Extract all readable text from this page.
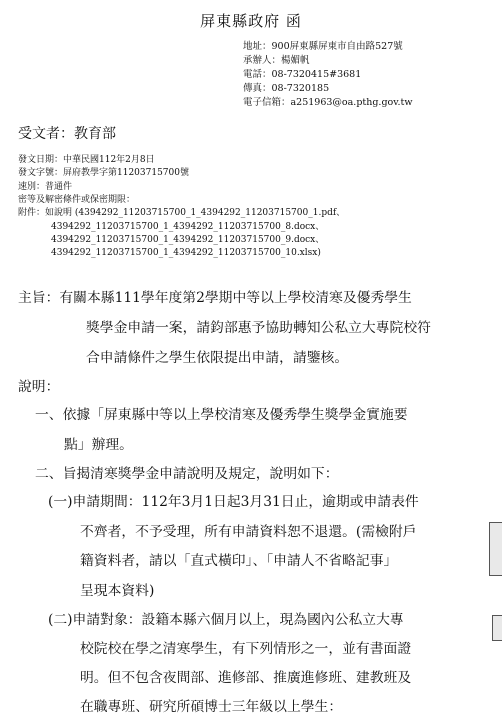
屏東縣政府 函
地址：900屏東縣屏東市自由路527號
承辦人：楊媚帆
電話：08-7320415#3681
傳真：08-7320185
電子信箱：a251963@oa.pthg.gov.tw
受文者：教育部
發文日期：中華民國112年2月8日
發文字號：屏府教學字第11203715700號
速別：普通件
密等及解密條件或保密期限：
附件：如說明 (4394292_11203715700_1_4394292_11203715700_1.pdf、
4394292_11203715700_1_4394292_11203715700_8.docx、
4394292_11203715700_1_4394292_11203715700_9.docx、
4394292_11203715700_1_4394292_11203715700_10.xlsx)
主旨：有關本縣111學年度第2學期中等以上學校清寒及優秀學生
獎學金申請一案，請鈞部惠予協助轉知公私立大專院校符
合申請條件之學生依限提出申請，請鑒核。
說明：
一、依據「屏東縣中等以上學校清寒及優秀學生獎學金實施要
點」辦理。
二、旨揭清寒獎學金申請說明及規定，說明如下：
(一)申請期間：112年3月1日起3月31日止，逾期或申請表件
不齊者，不予受理，所有申請資料恕不退還。(需檢附戶
籍資料者，請以「直式橫印」、「申請人不省略記事」
呈現本資料)
(二)申請對象：設籍本縣六個月以上，現為國內公私立大專
校院校在學之清寒學生，有下列情形之一，並有書面證
明。但不包含夜間部、進修部、推廣進修班、建教班及
在職專班、研究所碩博士三年級以上學生：
